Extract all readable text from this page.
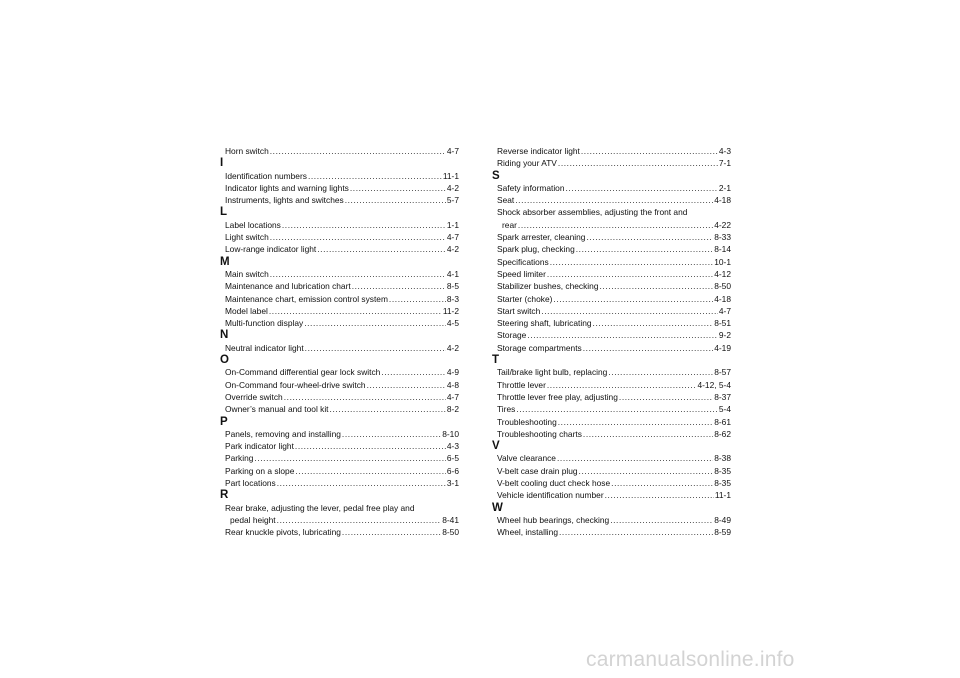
Horn switch .....	4-7
I
Identification numbers .....	11-1
Indicator lights and warning lights .....	4-2
Instruments, lights and switches .....	5-7
L
Label locations .....	1-1
Light switch .....	4-7
Low-range indicator light .....	4-2
M
Main switch .....	4-1
Maintenance and lubrication chart .....	8-5
Maintenance chart, emission control system .....	8-3
Model label .....	11-2
Multi-function display .....	4-5
N
Neutral indicator light .....	4-2
O
On-Command differential gear lock switch .....	4-9
On-Command four-wheel-drive switch .....	4-8
Override switch .....	4-7
Owner’s manual and tool kit .....	8-2
P
Panels, removing and installing .....	8-10
Park indicator light .....	4-3
Parking .....	6-5
Parking on a slope .....	6-6
Part locations .....	3-1
R
Rear brake, adjusting the lever, pedal free play and
pedal height .....	8-41
Rear knuckle pivots, lubricating .....	8-50
Reverse indicator light .....	4-3
Riding your ATV .....	7-1
S
Safety information .....	2-1
Seat .....	4-18
Shock absorber assemblies, adjusting the front and
rear .....	4-22
Spark arrester, cleaning .....	8-33
Spark plug, checking .....	8-14
Specifications .....	10-1
Speed limiter .....	4-12
Stabilizer bushes, checking .....	8-50
Starter (choke) .....	4-18
Start switch .....	4-7
Steering shaft, lubricating .....	8-51
Storage .....	9-2
Storage compartments .....	4-19
T
Tail/brake light bulb, replacing .....	8-57
Throttle lever .....	4-12, 5-4
Throttle lever free play, adjusting .....	8-37
Tires .....	5-4
Troubleshooting .....	8-61
Troubleshooting charts .....	8-62
V
Valve clearance .....	8-38
V-belt case drain plug .....	8-35
V-belt cooling duct check hose .....	8-35
Vehicle identification number .....	11-1
W
Wheel hub bearings, checking .....	8-49
Wheel, installing .....	8-59
carmanualsonline.info
